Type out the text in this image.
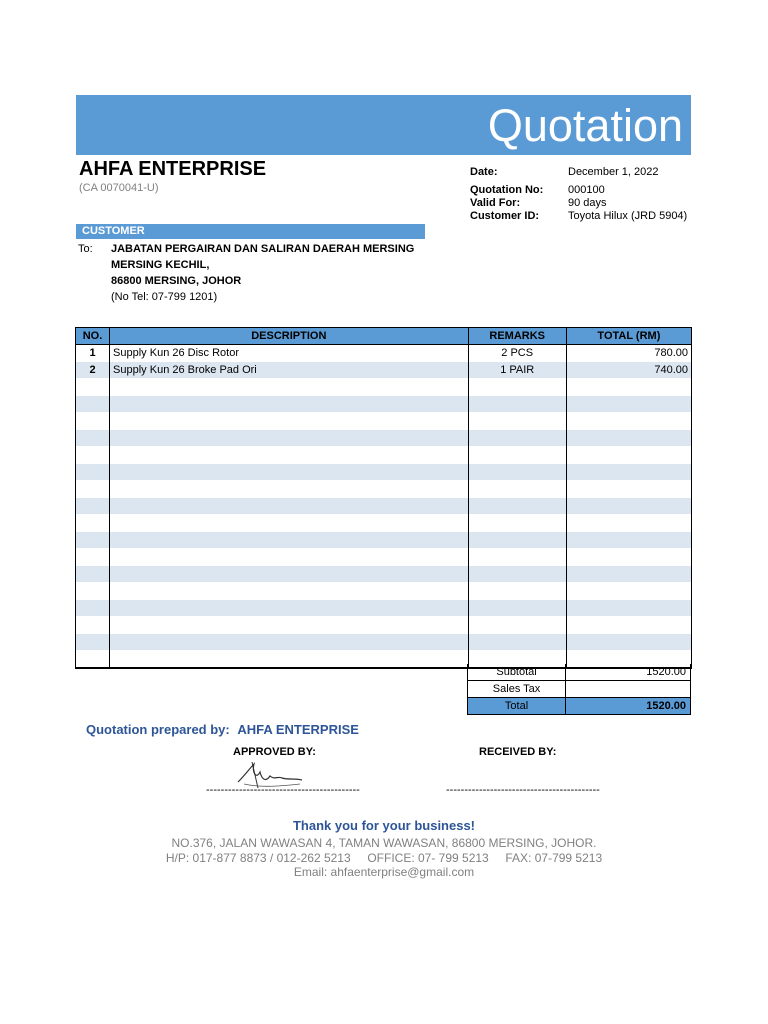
Quotation
AHFA ENTERPRISE
(CA 0070041-U)
Date:	December 1, 2022
Quotation No: 000100
Valid For:	90 days
Customer ID:	Toyota Hilux (JRD 5904)
CUSTOMER
To: JABATAN PERGAIRAN DAN SALIRAN DAERAH MERSING
MERSING KECHIL,
86800 MERSING, JOHOR
(No Tel: 07-799 1201)
NO.	DESCRIPTION	REMARKS	TOTAL (RM)
1	Supply Kun 26 Disc Rotor	2 PCS	780.00
2	Supply Kun 26 Broke Pad Ori	1 PAIR	740.00

Subtotal	1520.00
Sales Tax
Total	1520.00
Quotation prepared by: AHFA ENTERPRISE
APPROVED BY:	RECEIVED BY:
------------------------------------------	------------------------------------------
Thank you for your business!
NO.376, JALAN WAWASAN 4, TAMAN WAWASAN, 86800 MERSING, JOHOR.
H/P: 017-877 8873 / 012-262 5213     OFFICE: 07- 799 5213     FAX: 07-799 5213
Email: ahfaenterprise@gmail.com
